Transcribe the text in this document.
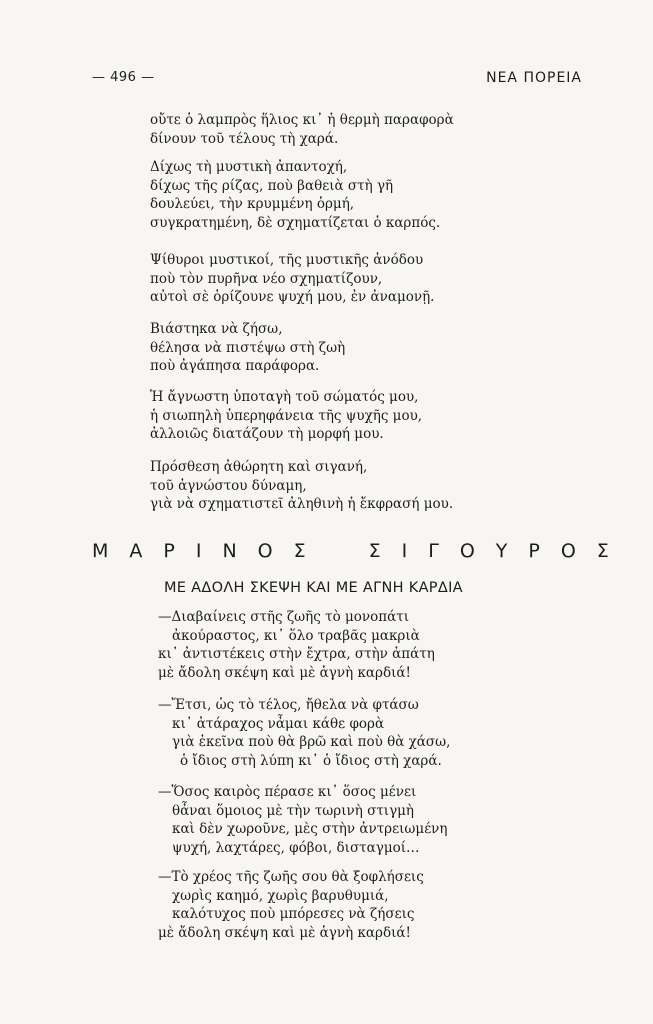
— 496 —	ΝΕΑ ΠΟΡΕΙΑ
οὔτε ὁ λαμπρὸς ἥλιος κι᾿ ἡ θερμὴ παραφορὰ
δίνουν τοῦ τέλους τὴ χαρά.
Δίχως τὴ μυστικὴ ἀπαντοχή,
δίχως τῆς ρίζας, ποὺ βαθειὰ στὴ γῆ
δουλεύει, τὴν κρυμμένη ὁρμή,
συγκρατημένη, δὲ σχηματίζεται ὁ καρπός.
Ψίθυροι μυστικοί, τῆς μυστικῆς ἀνόδου
ποὺ τὸν πυρῆνα νέο σχηματίζουν,
αὐτοὶ σὲ ὁρίζουνε ψυχή μου, ἐν ἀναμονῇ.
Βιάστηκα νὰ ζήσω,
θέλησα νὰ πιστέψω στὴ ζωὴ
ποὺ ἀγάπησα παράφορα.
Ἡ ἄγνωστη ὑποταγὴ τοῦ σώματός μου,
ἡ σιωπηλὴ ὑπερηφάνεια τῆς ψυχῆς μου,
ἀλλοιῶς διατάζουν τὴ μορφή μου.
Πρόσθεση ἀθώρητη καὶ σιγανή,
τοῦ ἀγνώστου δύναμη,
γιὰ νὰ σχηματιστεῖ ἀληθινὴ ἡ ἔκφρασή μου.
ΜΑΡΙΝΟΣ ΣΙΓΟΥΡΟΣ
ΜΕ ΑΔΟΛΗ ΣΚΕΨΗ ΚΑΙ ΜΕ ΑΓΝΗ ΚΑΡΔΙΑ
—Διαβαίνεις στῆς ζωῆς τὸ μονοπάτι
ἀκούραστος, κι᾿ ὅλο τραβᾶς μακριὰ
κι᾿ ἀντιστέκεις στὴν ἔχτρα, στὴν ἀπάτη
μὲ ἄδολη σκέψη καὶ μὲ ἁγνὴ καρδιά!
—Ἔτσι, ὡς τὸ τέλος, ἤθελα νὰ φτάσω
κι᾿ ἀτάραχος νἆμαι κάθε φορὰ
γιὰ ἐκεῖνα ποὺ θὰ βρῶ καὶ ποὺ θὰ χάσω,
ὁ ἴδιος στὴ λύπη κι᾿ ὁ ἴδιος στὴ χαρά.
—Ὅσος καιρὸς πέρασε κι᾿ ὅσος μένει
θἆναι ὅμοιος μὲ τὴν τωρινὴ στιγμὴ
καὶ δὲν χωροῦνε, μὲς στὴν ἀντρειωμένη
ψυχή, λαχτάρες, φόβοι, δισταγμοί…
—Τὸ χρέος τῆς ζωῆς σου θὰ ξοφλήσεις
χωρὶς καημό, χωρὶς βαρυθυμιά,
καλότυχος ποὺ μπόρεσες νὰ ζήσεις
μὲ ἄδολη σκέψη καὶ μὲ ἁγνὴ καρδιά!
